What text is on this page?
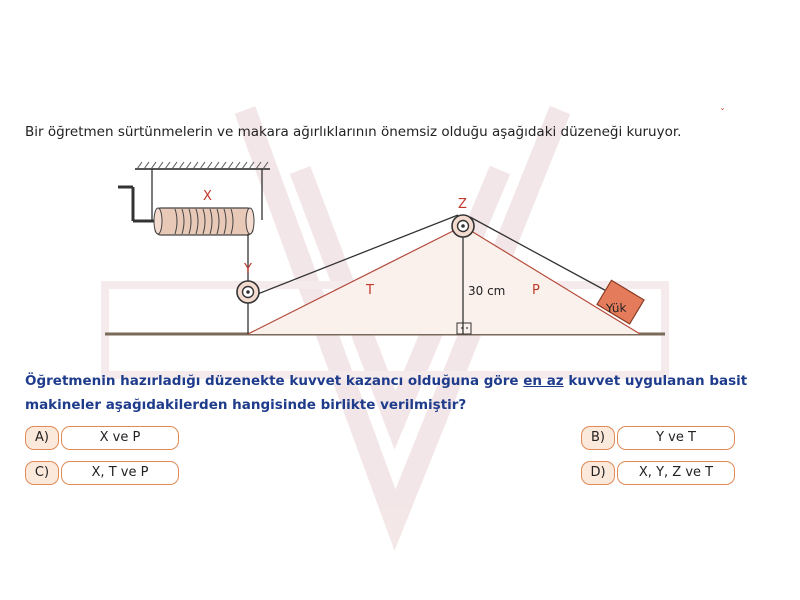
ˇ
Bir öğretmen sürtünmelerin ve makara ağırlıklarının önemsiz olduğu aşağıdaki düzeneği kuruyor.
X
Y
Z
T	P
30 cm
Yük
Öğretmenin hazırladığı düzenekte kuvvet kazancı olduğuna göre en az kuvvet uygulanan basit makineler aşağıdakilerden hangisinde birlikte verilmiştir?
A)	X ve P	B)	Y ve T
C)	X, T ve P	D)	X, Y, Z ve T
